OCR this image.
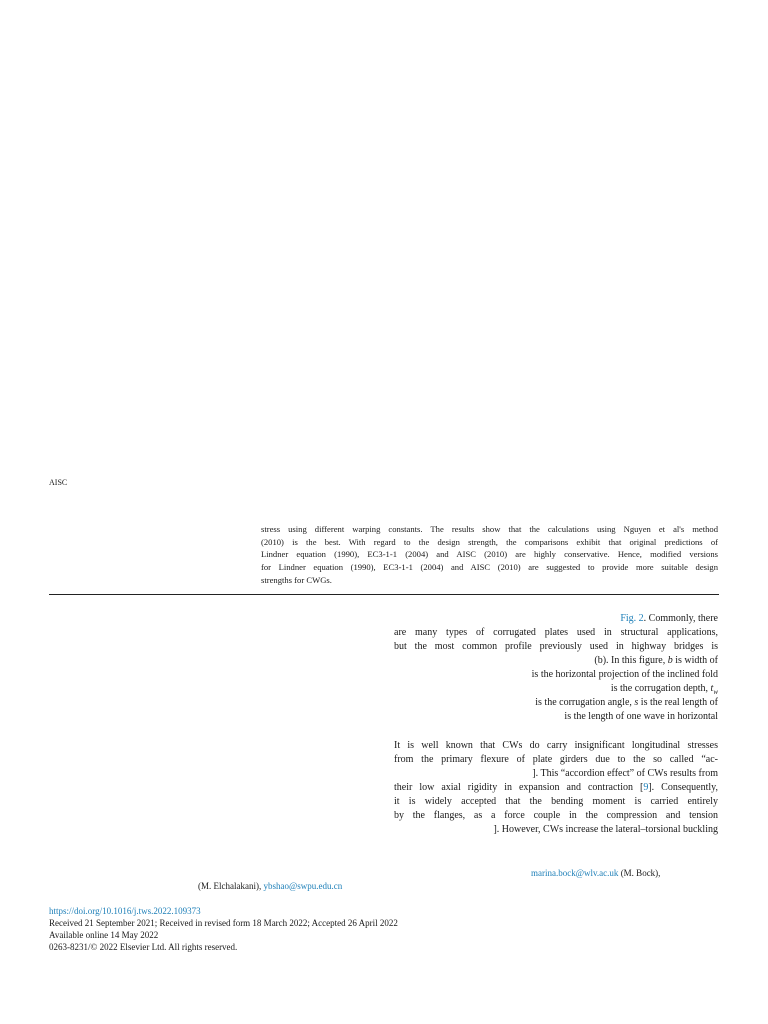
AISC
stress using different warping constants. The results show that the calculations using Nguyen et al's method
(2010) is the best. With regard to the design strength, the comparisons exhibit that original predictions of
Lindner equation (1990), EC3-1-1 (2004) and AISC (2010) are highly conservative. Hence, modified versions
for Lindner equation (1990), EC3-1-1 (2004) and AISC (2010) are suggested to provide more suitable design
strengths for CWGs.
Fig. 2. Commonly, there
are many types of corrugated plates used in structural applications,
but the most common profile previously used in highway bridges is
(b). In this figure, b is width of
is the horizontal projection of the inclined fold
is the corrugation depth, $t_w$
is the corrugation angle, s is the real length of
is the length of one wave in horizontal
It is well known that CWs do carry insignificant longitudinal stresses
from the primary flexure of plate girders due to the so called “ac-
]. This “accordion effect” of CWs results from
their low axial rigidity in expansion and contraction [9]. Consequently,
it is widely accepted that the bending moment is carried entirely
by the flanges, as a force couple in the compression and tension
]. However, CWs increase the lateral–torsional buckling
marina.bock@wlv.ac.uk (M. Bock),
(M. Elchalakani), ybshao@swpu.edu.cn
https://doi.org/10.1016/j.tws.2022.109373
Received 21 September 2021; Received in revised form 18 March 2022; Accepted 26 April 2022
Available online 14 May 2022
0263-8231/© 2022 Elsevier Ltd. All rights reserved.
